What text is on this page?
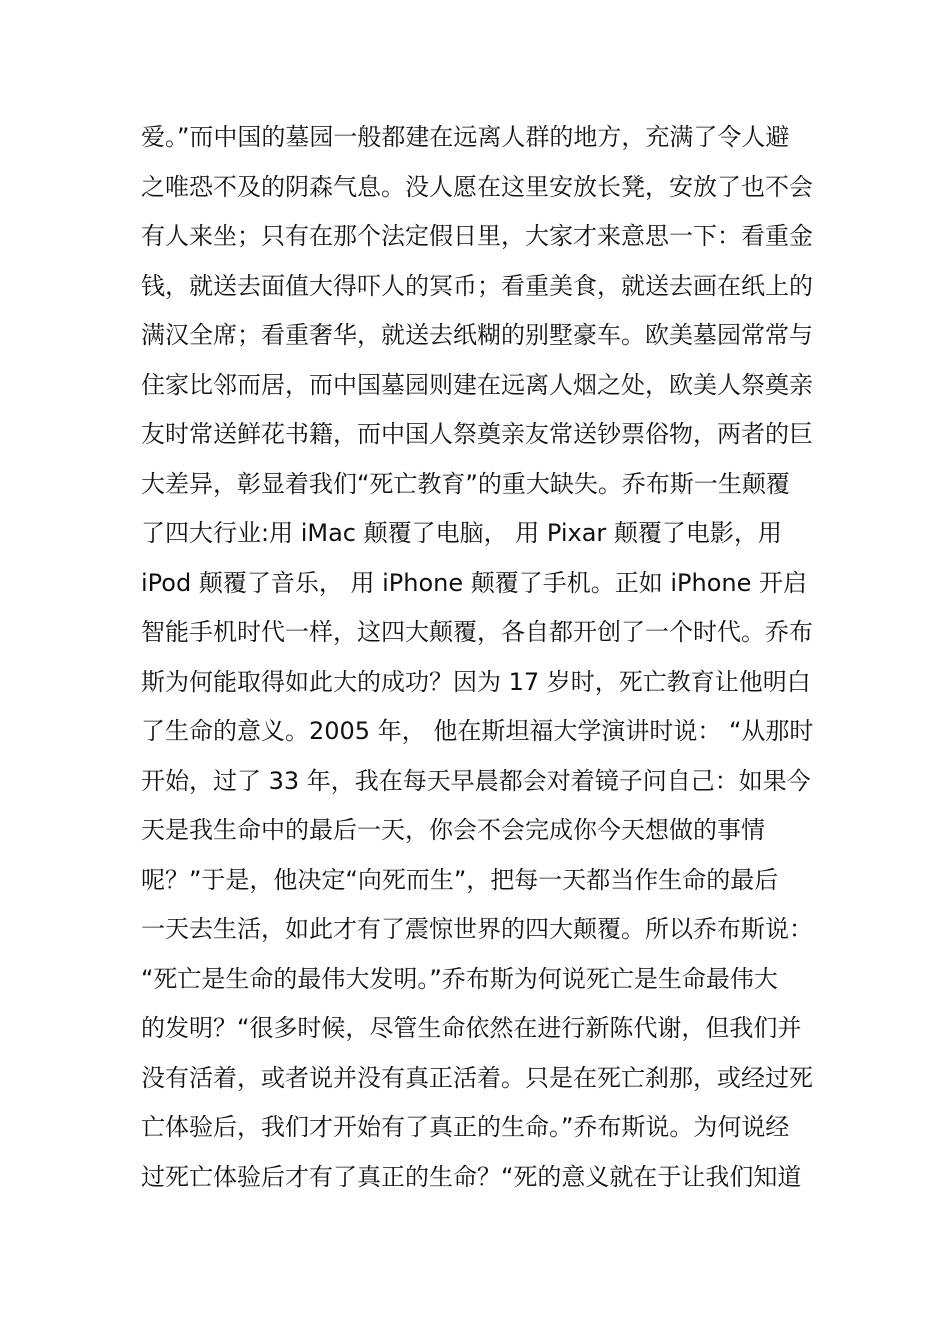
爱。”而中国的墓园一般都建在远离人群的地方，充满了令人避
之唯恐不及的阴森气息。没人愿在这里安放长凳，安放了也不会
有人来坐；只有在那个法定假日里，大家才来意思一下：看重金
钱，就送去面值大得吓人的冥币；看重美食，就送去画在纸上的
满汉全席；看重奢华，就送去纸糊的别墅豪车。欧美墓园常常与
住家比邻而居，而中国墓园则建在远离人烟之处，欧美人祭奠亲
友时常送鲜花书籍，而中国人祭奠亲友常送钞票俗物，两者的巨
大差异，彰显着我们“死亡教育”的重大缺失。乔布斯一生颠覆
了四大行业:用 iMac 颠覆了电脑， 用 Pixar 颠覆了电影，用
iPod 颠覆了音乐， 用 iPhone 颠覆了手机。正如 iPhone 开启
智能手机时代一样，这四大颠覆，各自都开创了一个时代。乔布
斯为何能取得如此大的成功？因为 17 岁时，死亡教育让他明白
了生命的意义。2005 年， 他在斯坦福大学演讲时说： “从那时
开始，过了 33 年，我在每天早晨都会对着镜子问自己：如果今
天是我生命中的最后一天，你会不会完成你今天想做的事情
呢？”于是，他决定“向死而生”，把每一天都当作生命的最后
一天去生活，如此才有了震惊世界的四大颠覆。所以乔布斯说：
“死亡是生命的最伟大发明。”乔布斯为何说死亡是生命最伟大
的发明？“很多时候，尽管生命依然在进行新陈代谢，但我们并
没有活着，或者说并没有真正活着。只是在死亡刹那，或经过死
亡体验后，我们才开始有了真正的生命。”乔布斯说。为何说经
过死亡体验后才有了真正的生命？“死的意义就在于让我们知道
